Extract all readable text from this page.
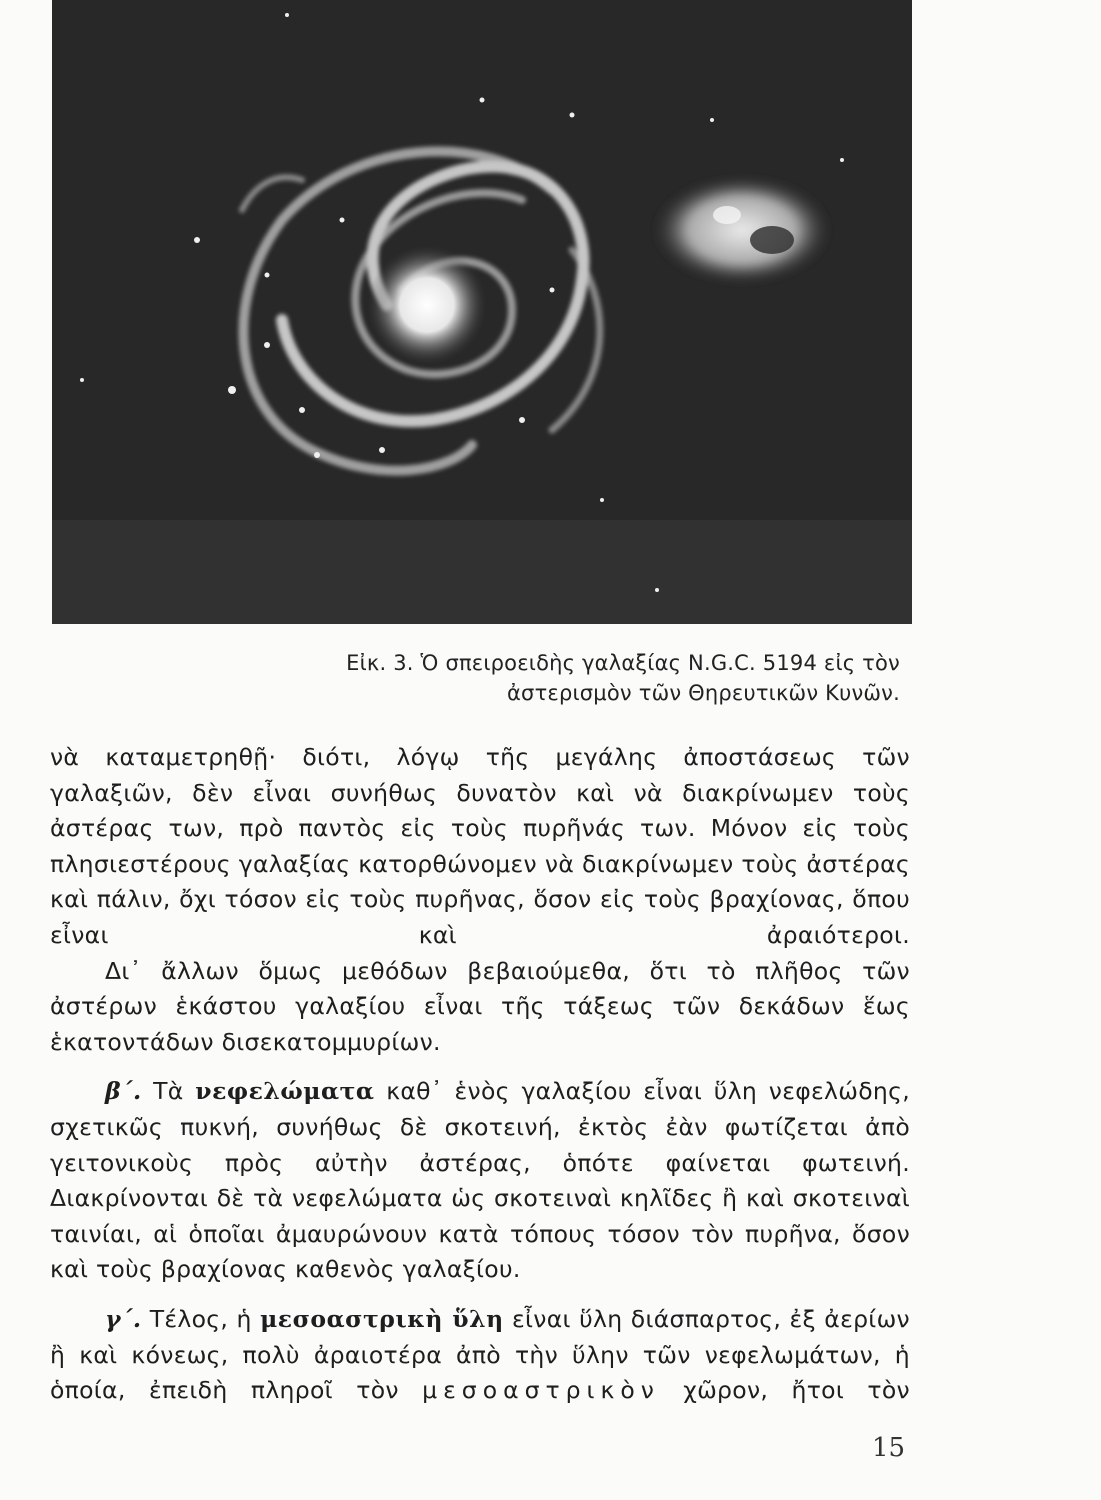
Εἰκ. 3. Ὁ σπειροειδὴς γαλαξίας N.G.C. 5194 εἰς τὸν
ἀστερισμὸν τῶν Θηρευτικῶν Κυνῶν.

νὰ καταμετρηθῇ· διότι, λόγῳ τῆς μεγάλης ἀποστάσεως τῶν γαλαξιῶν, δὲν εἶναι συνήθως δυνατὸν καὶ νὰ διακρίνωμεν τοὺς ἀστέρας των, πρὸ παντὸς εἰς τοὺς πυρῆνάς των. Μόνον εἰς τοὺς πλησιεστέρους γαλαξίας κατορθώνομεν νὰ διακρίνωμεν τοὺς ἀστέρας καὶ πάλιν, ὄχι τόσον εἰς τοὺς πυρῆνας, ὅσον εἰς τοὺς βραχίονας, ὅπου εἶναι καὶ ἀραιότεροι.

Δι᾿ ἄλλων ὅμως μεθόδων βεβαιούμεθα, ὅτι τὸ πλῆθος τῶν ἀστέρων ἑκάστου γαλαξίου εἶναι τῆς τάξεως τῶν δεκάδων ἕως ἑκατοντάδων δισεκατομμυρίων.

β΄. Τὰ νεφελώματα καθ᾿ ἑνὸς γαλαξίου εἶναι ὕλη νεφελώδης, σχετικῶς πυκνή, συνήθως δὲ σκοτεινή, ἐκτὸς ἐὰν φωτίζεται ἀπὸ γειτονικοὺς πρὸς αὐτὴν ἀστέρας, ὁπότε φαίνεται φωτεινή. Διακρίνονται δὲ τὰ νεφελώματα ὡς σκοτειναὶ κηλῖδες ἢ καὶ σκοτειναὶ ταινίαι, αἱ ὁποῖαι ἀμαυρώνουν κατὰ τόπους τόσον τὸν πυρῆνα, ὅσον καὶ τοὺς βραχίονας καθενὸς γαλαξίου.

γ΄. Τέλος, ἡ μεσοαστρικὴ ὕλη εἶναι ὕλη διάσπαρτος, ἐξ ἀερίων ἢ καὶ κόνεως, πολὺ ἀραιοτέρα ἀπὸ τὴν ὕλην τῶν νεφελωμάτων, ἡ ὁποία, ἐπειδὴ πληροῖ τὸν μεσοαστρικὸν χῶρον, ἤτοι τὸν

15
